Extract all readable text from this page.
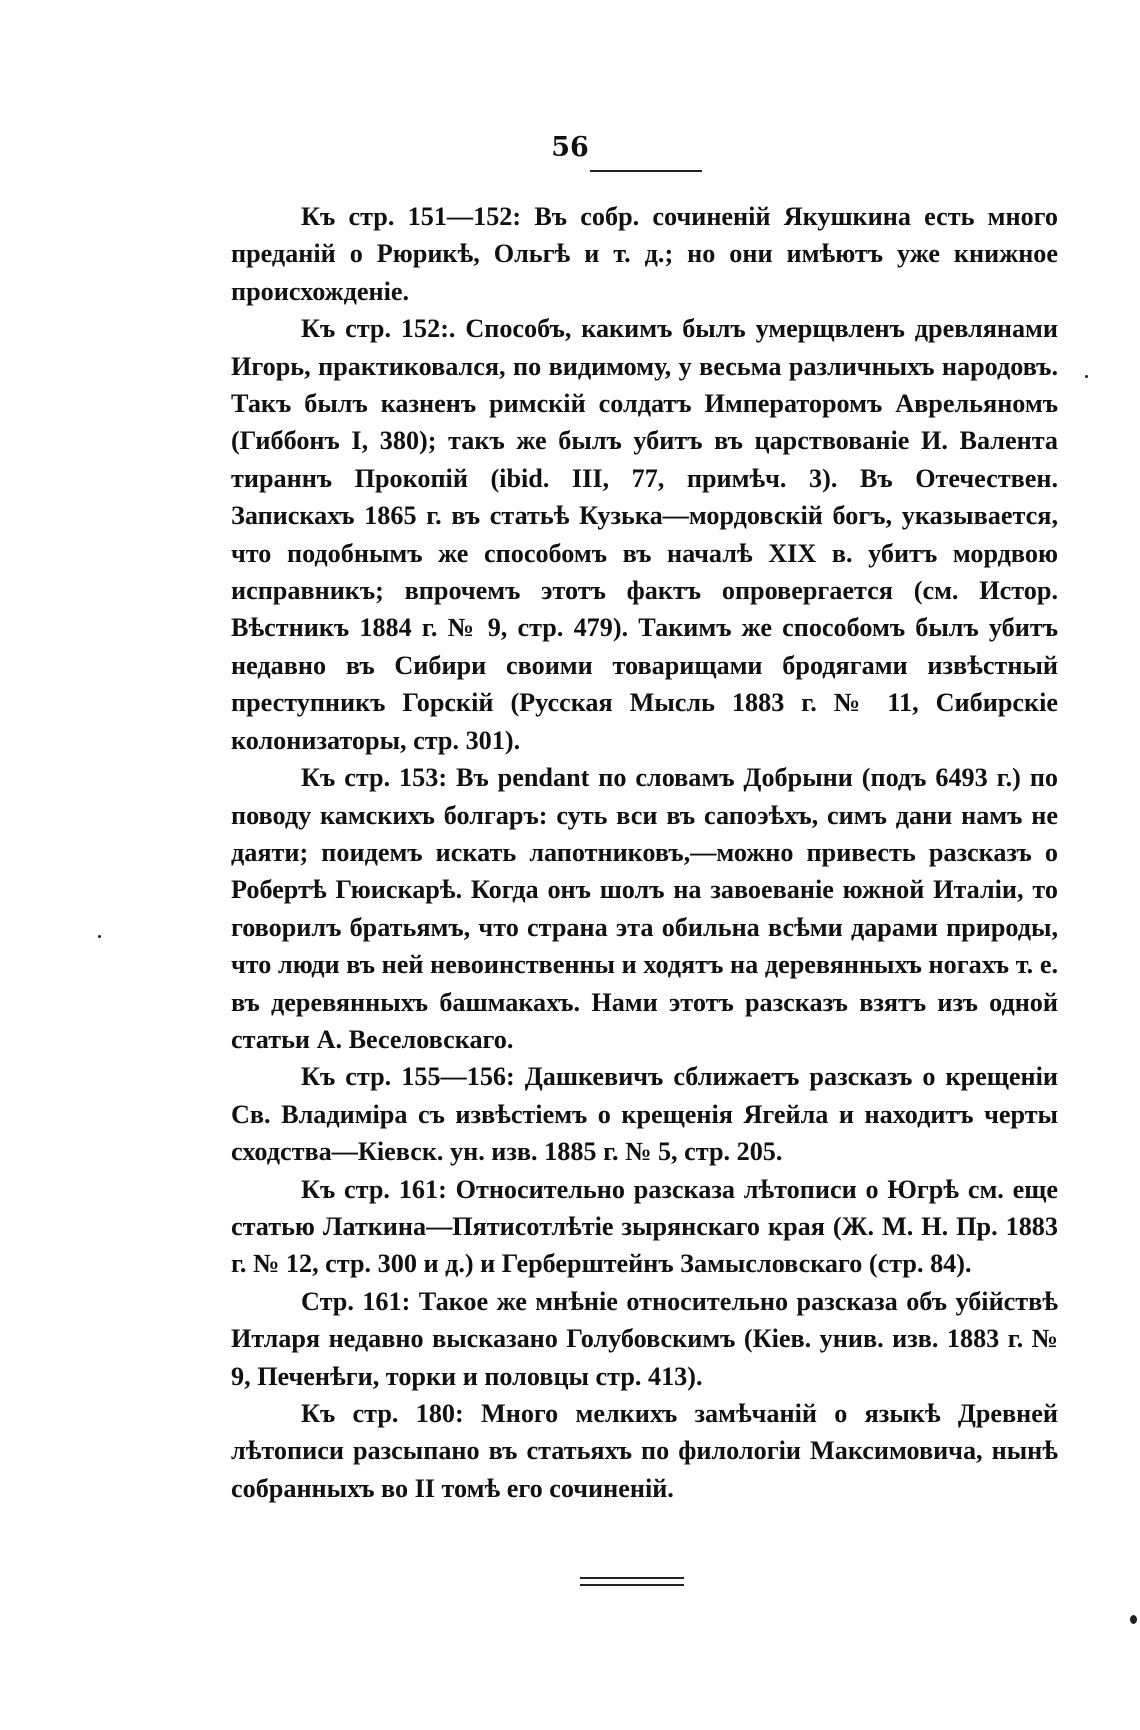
56

Къ стр. 151—152: Въ собр. сочиненій Якушкина есть много преданій о Рюрикѣ, Ольгѣ и т. д.; но они имѣютъ уже книжное происхожденіе.

Къ стр. 152:. Способъ, какимъ былъ умерщвленъ древлянами Игорь, практиковался, по видимому, у весьма различныхъ народовъ. Такъ былъ казненъ римскій солдатъ Императоромъ Аврельяномъ (Гиббонъ I, 380); такъ же былъ убитъ въ царствованіе И. Валента тираннъ Прокопій (ibid. III, 77, примѣч. 3). Въ Отечествен. Запискахъ 1865 г. въ статьѣ Кузька—мордовскій богъ, указывается, что подобнымъ же способомъ въ началѣ XIX в. убитъ мордвою исправникъ; впрочемъ этотъ фактъ опровергается (см. Истор. Вѣстникъ 1884 г. № 9, стр. 479). Такимъ же способомъ былъ убитъ недавно въ Сибири своими товарищами бродягами извѣстный преступникъ Горскій (Русская Мысль 1883 г. № 11, Сибирскіе колонизаторы, стр. 301).

Къ стр. 153: Въ pendant по словамъ Добрыни (подъ 6493 г.) по поводу камскихъ болгаръ: суть вси въ сапоэѣхъ, симъ дани намъ не даяти; поидемъ искать лапотниковъ,—можно привесть разсказъ о Робертѣ Гюискарѣ. Когда онъ шолъ на завоеваніе южной Италіи, то говорилъ братьямъ, что страна эта обильна всѣми дарами природы, что люди въ ней невоинственны и ходятъ на деревянныхъ ногахъ т. е. въ деревянныхъ башмакахъ. Нами этотъ разсказъ взятъ изъ одной статьи А. Веселовскаго.

Къ стр. 155—156: Дашкевичъ сближаетъ разсказъ о крещеніи Св. Владиміра съ извѣстіемъ о крещенія Ягейла и находитъ черты сходства—Кіевск. ун. изв. 1885 г. № 5, стр. 205.

Къ стр. 161: Относительно разсказа лѣтописи о Югрѣ см. еще статью Латкина—Пятисотлѣтіе зырянскаго края (Ж. М. Н. Пр. 1883 г. № 12, стр. 300 и д.) и Герберштейнъ Замысловскаго (стр. 84).

Стр. 161: Такое же мнѣніе относительно разсказа объ убійствѣ Итларя недавно высказано Голубовскимъ (Кіев. унив. изв. 1883 г. № 9, Печенѣги, торки и половцы стр. 413).

Къ стр. 180: Много мелкихъ замѣчаній о языкѣ Древней лѣтописи разсыпано въ статьяхъ по филологіи Максимовича, нынѣ собранныхъ во II томѣ его сочиненій.
